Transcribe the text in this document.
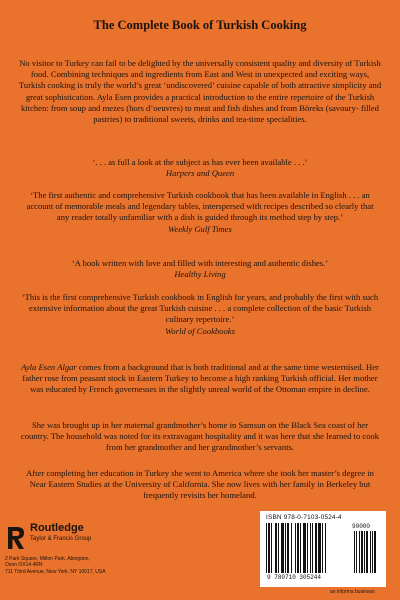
The Complete Book of Turkish Cooking

No visitor to Turkey can fail to be delighted by the universally consistent quality and diversity of Turkish food. Combining techniques and ingredients from East and West in unexpected and exciting ways, Turkish cooking is truly the world’s great ‘undiscovered’ cuisine capable of both attractive simplicity and great sophistication. Ayla Esen provides a practical introduction to the entire repertoire of the Turkish kitchen: from soup and mezes (hors d’oeuvres) to meat and fish dishes and from Böreks (savoury- filled pastries) to traditional sweets, drinks and tea-time specialities.

‘. . . as full a look at the subject as has ever been available . . .’
Harpers and Queen

‘The first authentic and comprehensive Turkish cookbook that has been available in English . . . an account of memorable meals and legendary tables, interspersed with recipes described so clearly that any reader totally unfamiliar with a dish is guided through its method step by step.’
Weekly Gulf Times

‘A book written with love and filled with interesting and authentic dishes.’
Healthy Living

‘This is the first comprehensive Turkish cookbook in English for years, and probably the first with such extensive information about the great Turkish cuisine . . . a complete collection of the basic Turkish culinary repertoire.’
World of Cookbooks

Ayla Esen Algar comes from a background that is both traditional and at the same time westernised. Her father rose from peasant stock in Eastern Turkey to become a high ranking Turkish official. Her mother was educated by French governesses in the slightly unreal world of the Ottoman empire in decline.

She was brought up in her maternal grandmother’s home in Samsun on the Black Sea coast of her country. The household was noted for its extravagant hospitality and it was here that she learned to cook from her grandmother and her grandmother’s servants.

After completing her education in Turkey she went to America where she took her master’s degree in Near Eastern Studies at the University of California. She now lives with her family in Berkeley but frequently revisits her homeland.

Routledge
Taylor & Francis Group
2 Park Square, Milton Park, Abingdon,
Oxon OX14 4RN
711 Third Avenue, New York, NY 10017, USA
ISBN 978-0-7103-0524-4
90000
9 780710 305244
an informa business
